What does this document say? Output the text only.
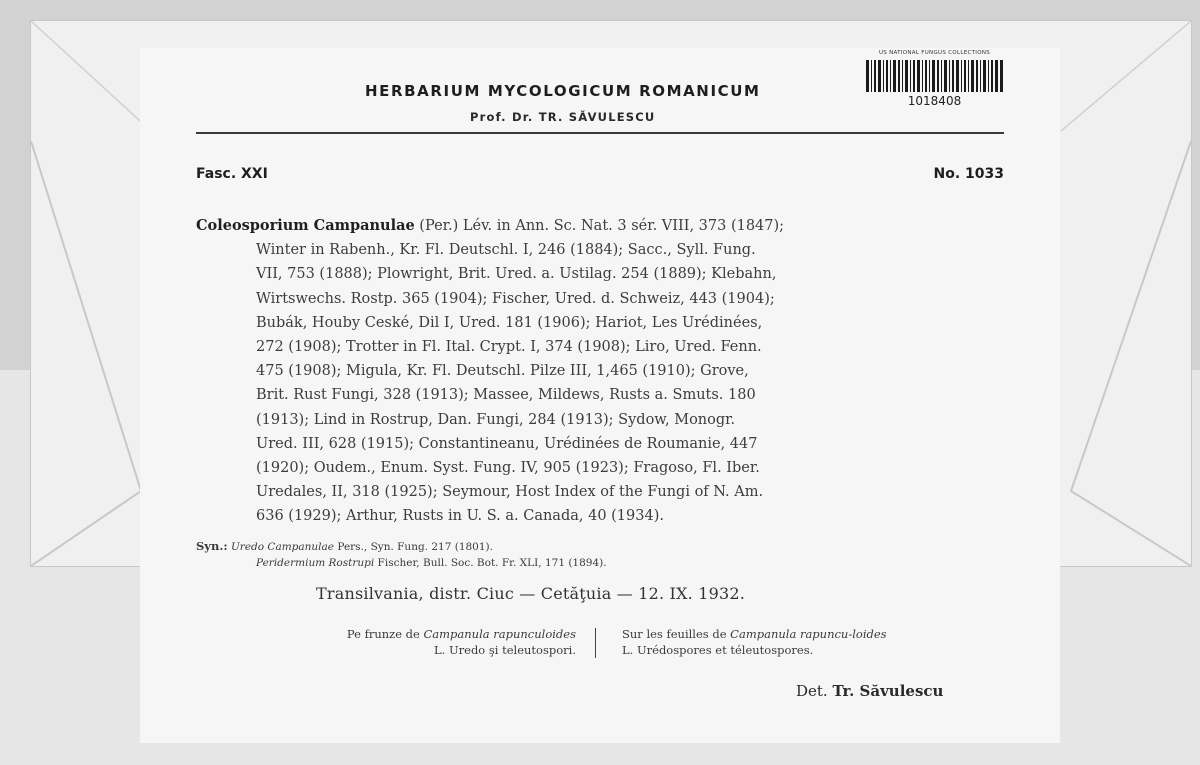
HERBARIUM MYCOLOGICUM ROMANICUM
Prof. Dr. TR. SĂVULESCU
US NATIONAL FUNGUS COLLECTIONS
1018408
Fasc. XXI	No. 1033
Coleosporium Campanulae (Per.) Lév. in Ann. Sc. Nat. 3 sér. VIII, 373 (1847);
Winter in Rabenh., Kr. Fl. Deutschl. I, 246 (1884); Sacc., Syll. Fung.
VII, 753 (1888); Plowright, Brit. Ured. a. Ustilag. 254 (1889); Klebahn,
Wirtswechs. Rostp. 365 (1904); Fischer, Ured. d. Schweiz, 443 (1904);
Bubák, Houby Ceské, Dil I, Ured. 181 (1906); Hariot, Les Urédinées,
272 (1908); Trotter in Fl. Ital. Crypt. I, 374 (1908); Liro, Ured. Fenn.
475 (1908); Migula, Kr. Fl. Deutschl. Pilze III, 1,465 (1910); Grove,
Brit. Rust Fungi, 328 (1913); Massee, Mildews, Rusts a. Smuts. 180
(1913); Lind in Rostrup, Dan. Fungi, 284 (1913); Sydow, Monogr.
Ured. III, 628 (1915); Constantineanu, Urédinées de Roumanie, 447
(1920); Oudem., Enum. Syst. Fung. IV, 905 (1923); Fragoso, Fl. Iber.
Uredales, II, 318 (1925); Seymour, Host Index of the Fungi of N. Am.
636 (1929); Arthur, Rusts in U. S. a. Canada, 40 (1934).
Syn.: Uredo Campanulae Pers., Syn. Fung. 217 (1801).
Peridermium Rostrupi Fischer, Bull. Soc. Bot. Fr. XLI, 171 (1894).
Transilvania, distr. Ciuc — Cetăţuia — 12. IX. 1932.
Pe frunze de Campanula rapunculoides
L. Uredo şi teleutospori.
Sur les feuilles de Campanula rapuncu-loides
L. Urédospores et téleutospores.
Det. Tr. Săvulescu
